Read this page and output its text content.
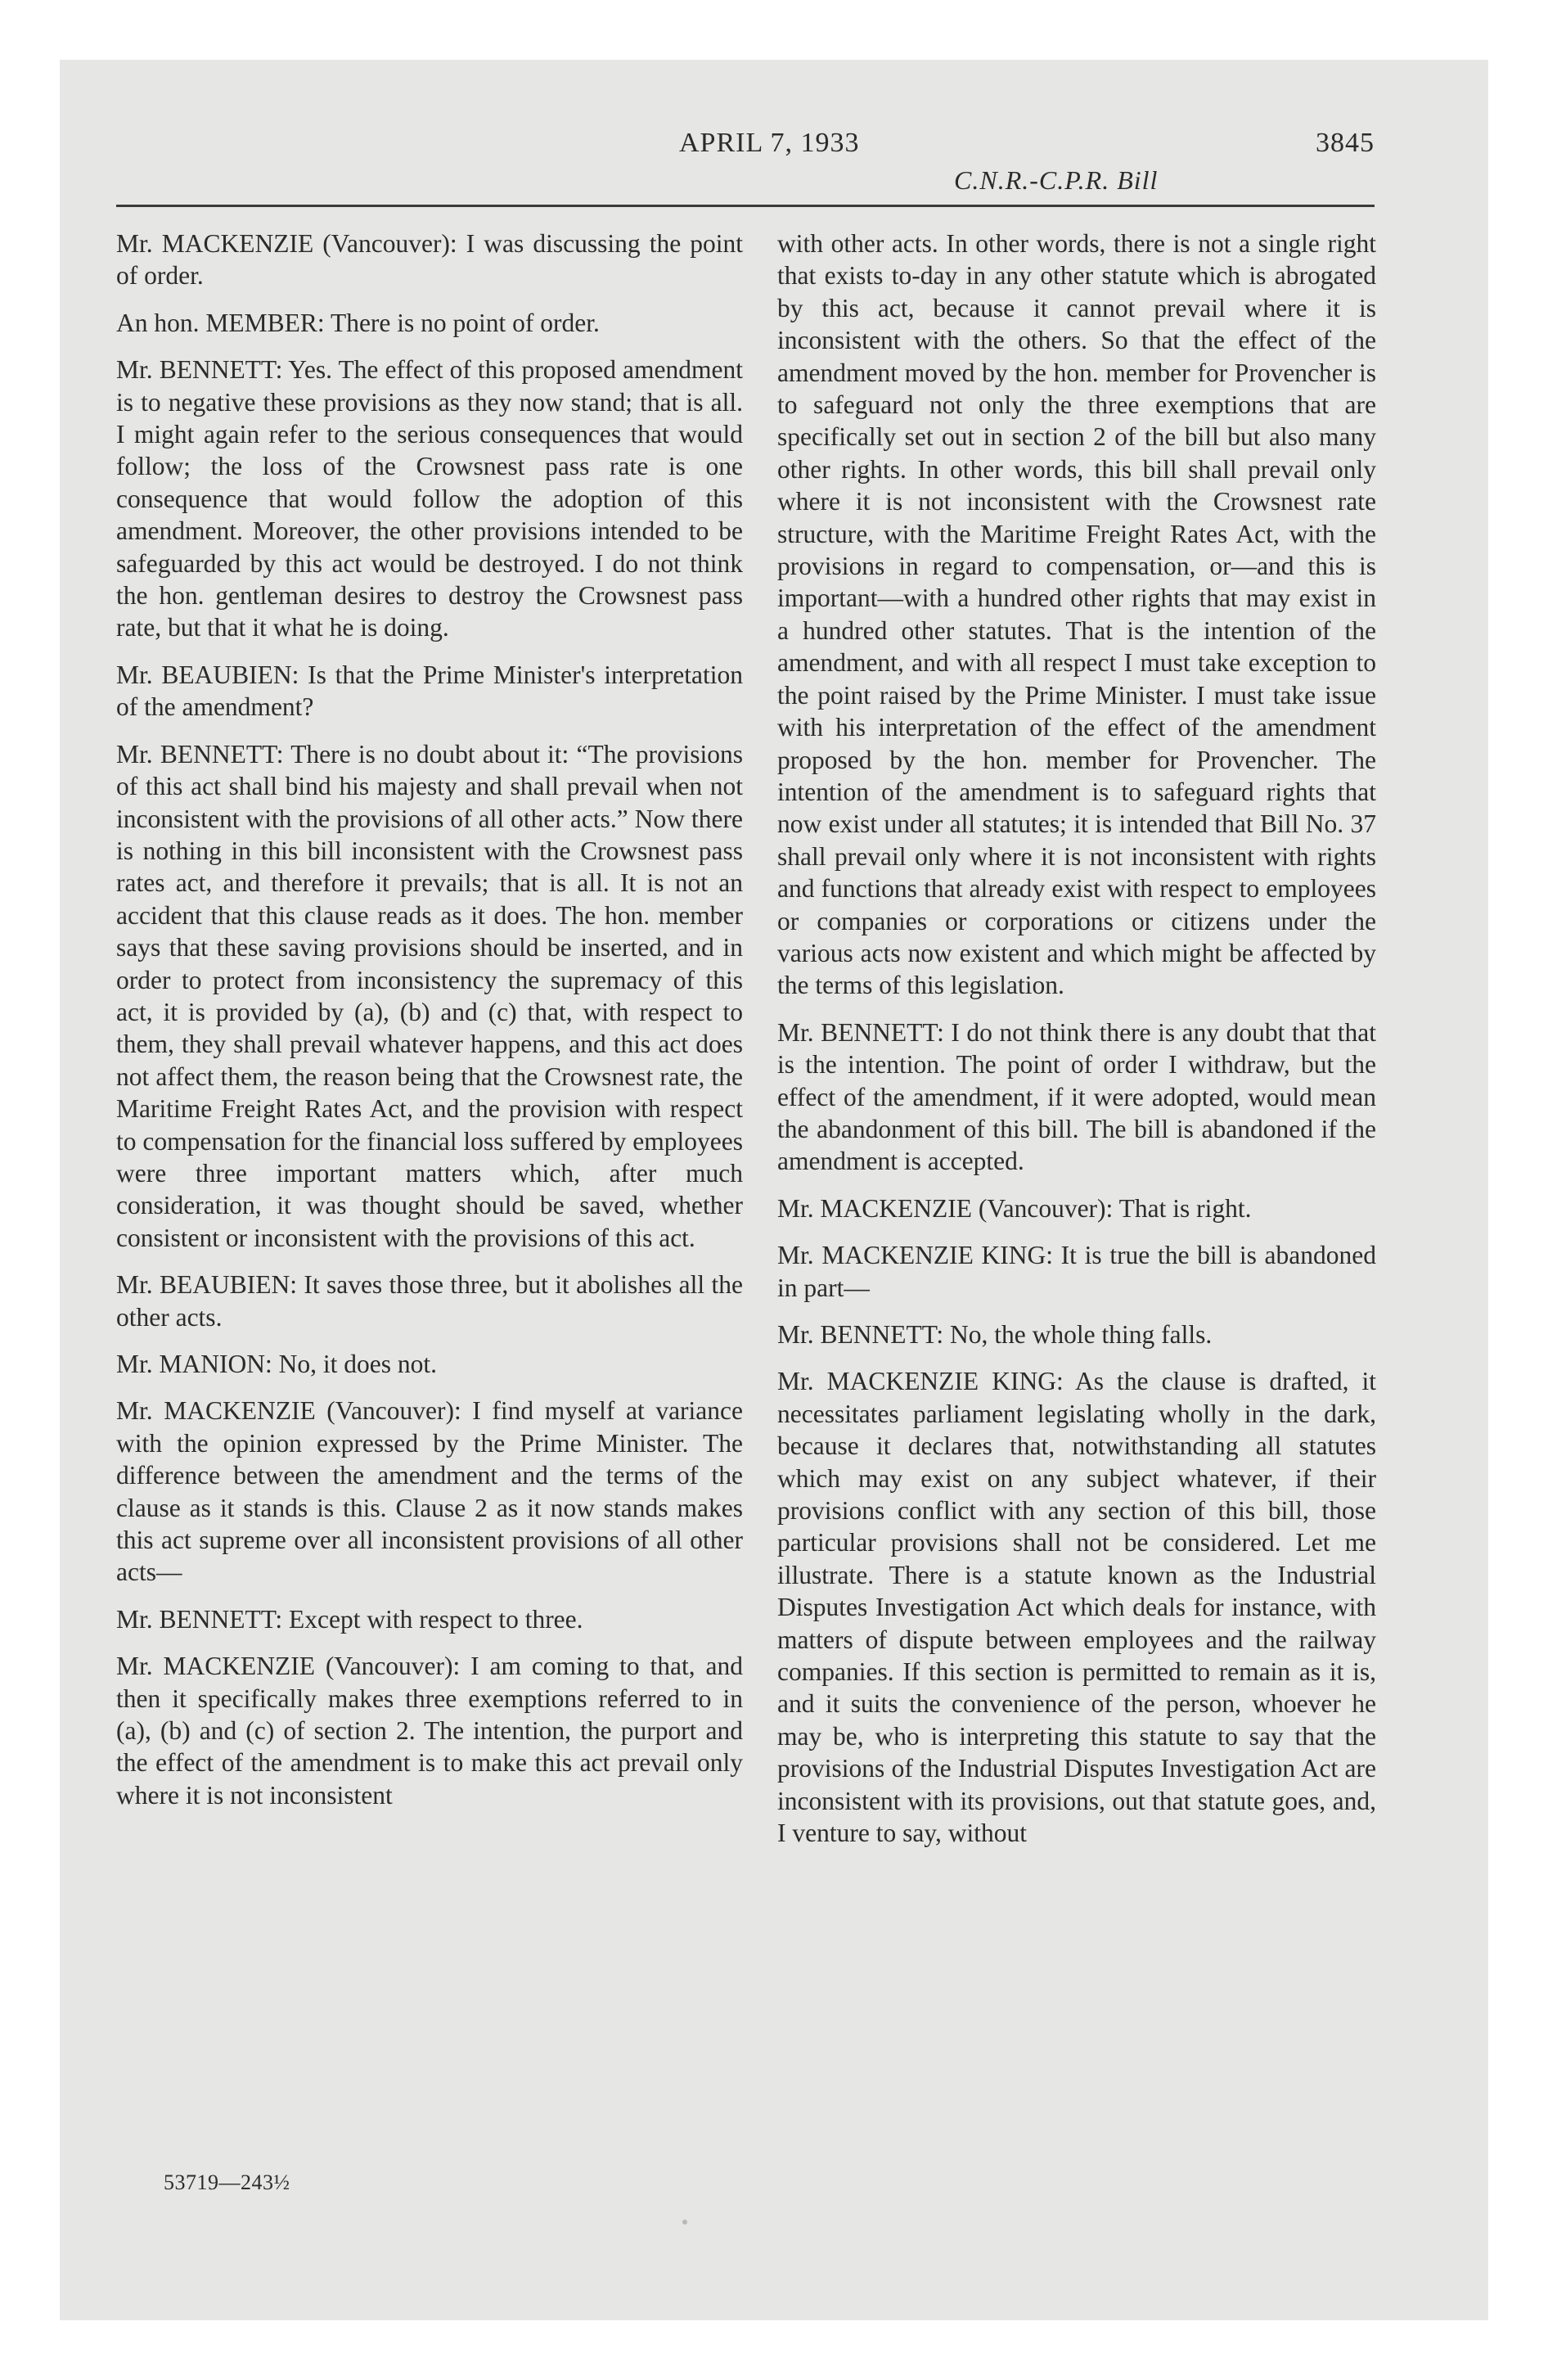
APRIL 7, 1933	3845
C.N.R.-C.P.R. Bill

Mr. MACKENZIE (Vancouver): I was discussing the point of order.

An hon. MEMBER: There is no point of order.

Mr. BENNETT: Yes. The effect of this proposed amendment is to negative these provisions as they now stand; that is all. I might again refer to the serious consequences that would follow; the loss of the Crowsnest pass rate is one consequence that would follow the adoption of this amendment. Moreover, the other provisions intended to be safeguarded by this act would be destroyed. I do not think the hon. gentleman desires to destroy the Crowsnest pass rate, but that it what he is doing.

Mr. BEAUBIEN: Is that the Prime Minister's interpretation of the amendment?

Mr. BENNETT: There is no doubt about it: “The provisions of this act shall bind his majesty and shall prevail when not inconsistent with the provisions of all other acts.” Now there is nothing in this bill inconsistent with the Crowsnest pass rates act, and therefore it prevails; that is all. It is not an accident that this clause reads as it does. The hon. member says that these saving provisions should be inserted, and in order to protect from inconsistency the supremacy of this act, it is provided by (a), (b) and (c) that, with respect to them, they shall prevail whatever happens, and this act does not affect them, the reason being that the Crowsnest rate, the Maritime Freight Rates Act, and the provision with respect to compensation for the financial loss suffered by employees were three important matters which, after much consideration, it was thought should be saved, whether consistent or inconsistent with the provisions of this act.

Mr. BEAUBIEN: It saves those three, but it abolishes all the other acts.

Mr. MANION: No, it does not.

Mr. MACKENZIE (Vancouver): I find myself at variance with the opinion expressed by the Prime Minister. The difference between the amendment and the terms of the clause as it stands is this. Clause 2 as it now stands makes this act supreme over all inconsistent provisions of all other acts—

Mr. BENNETT: Except with respect to three.

Mr. MACKENZIE (Vancouver): I am coming to that, and then it specifically makes three exemptions referred to in (a), (b) and (c) of section 2. The intention, the purport and the effect of the amendment is to make this act prevail only where it is not inconsistent

with other acts. In other words, there is not a single right that exists to-day in any other statute which is abrogated by this act, because it cannot prevail where it is inconsistent with the others. So that the effect of the amendment moved by the hon. member for Provencher is to safeguard not only the three exemptions that are specifically set out in section 2 of the bill but also many other rights. In other words, this bill shall prevail only where it is not inconsistent with the Crowsnest rate structure, with the Maritime Freight Rates Act, with the provisions in regard to compensation, or—and this is important—with a hundred other rights that may exist in a hundred other statutes. That is the intention of the amendment, and with all respect I must take exception to the point raised by the Prime Minister. I must take issue with his interpretation of the effect of the amendment proposed by the hon. member for Provencher. The intention of the amendment is to safeguard rights that now exist under all statutes; it is intended that Bill No. 37 shall prevail only where it is not inconsistent with rights and functions that already exist with respect to employees or companies or corporations or citizens under the various acts now existent and which might be affected by the terms of this legislation.

Mr. BENNETT: I do not think there is any doubt that that is the intention. The point of order I withdraw, but the effect of the amendment, if it were adopted, would mean the abandonment of this bill. The bill is abandoned if the amendment is accepted.

Mr. MACKENZIE (Vancouver): That is right.

Mr. MACKENZIE KING: It is true the bill is abandoned in part—

Mr. BENNETT: No, the whole thing falls.

Mr. MACKENZIE KING: As the clause is drafted, it necessitates parliament legislating wholly in the dark, because it declares that, notwithstanding all statutes which may exist on any subject whatever, if their provisions conflict with any section of this bill, those particular provisions shall not be considered. Let me illustrate. There is a statute known as the Industrial Disputes Investigation Act which deals for instance, with matters of dispute between employees and the railway companies. If this section is permitted to remain as it is, and it suits the convenience of the person, whoever he may be, who is interpreting this statute to say that the provisions of the Industrial Disputes Investigation Act are inconsistent with its provisions, out that statute goes, and, I venture to say, without

53719—243½
